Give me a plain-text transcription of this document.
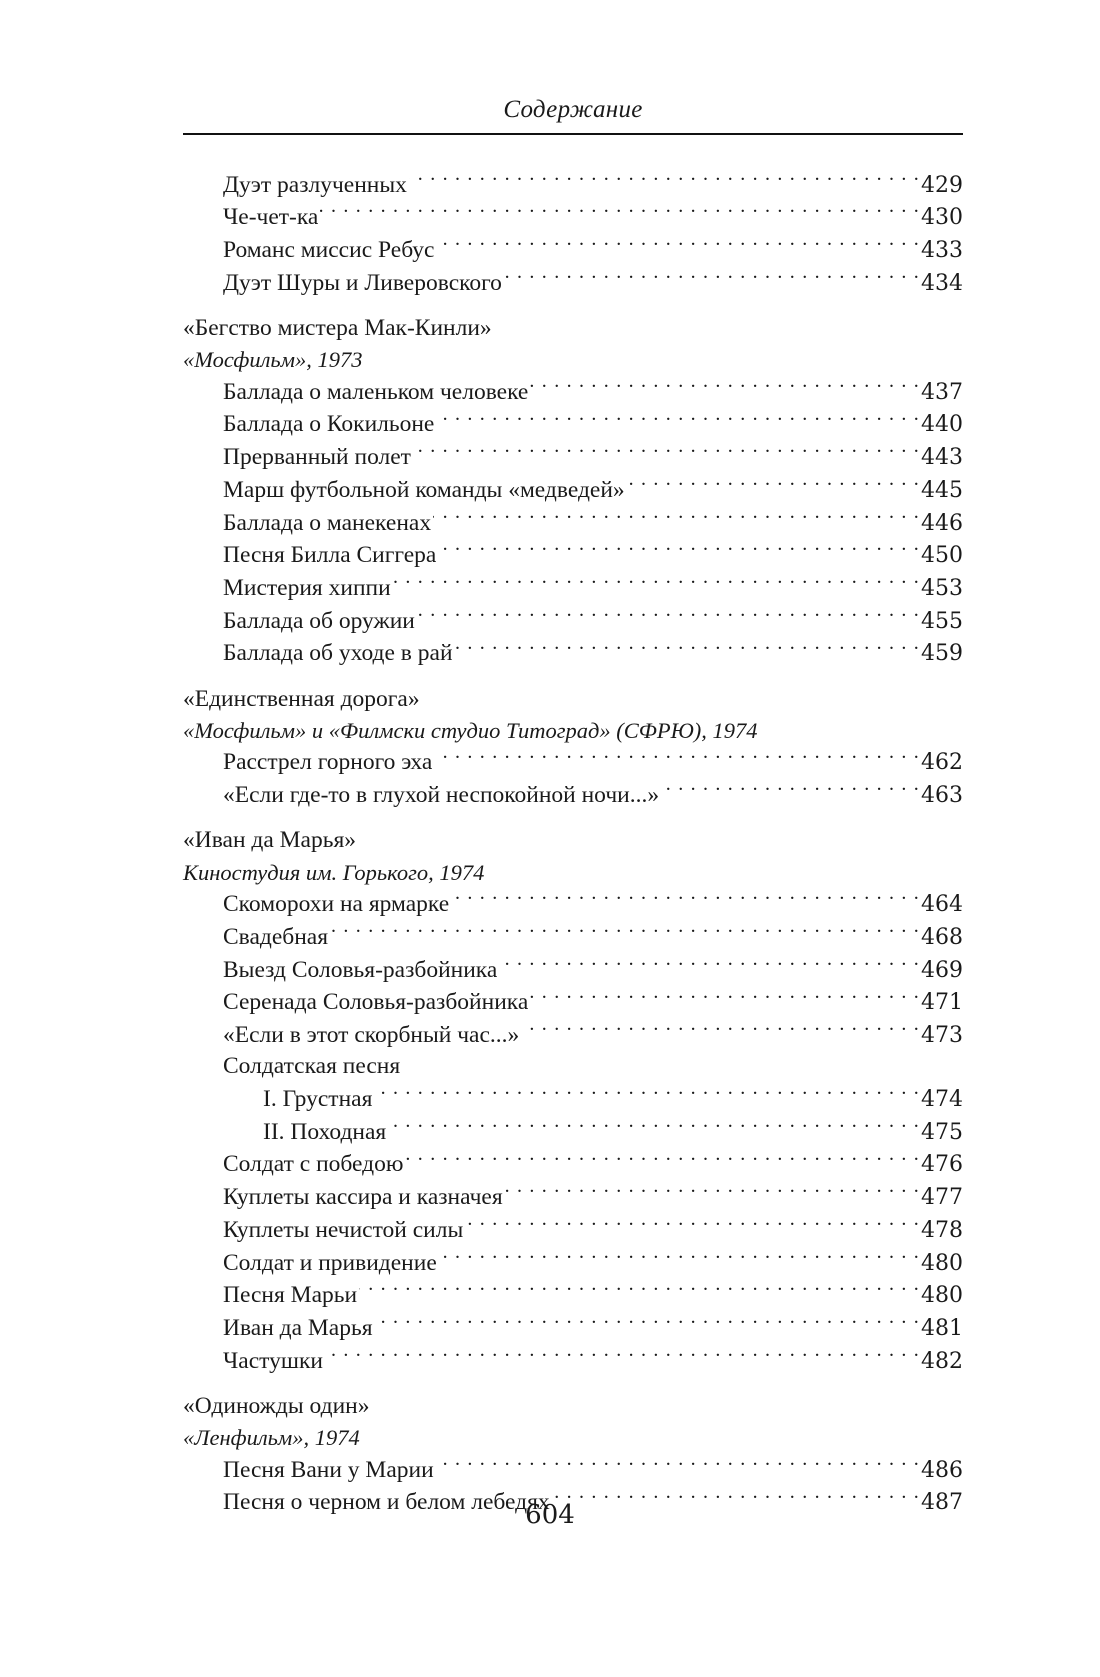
Содержание
Дуэт разлученных . . .	429
Че-чет-ка . . .	430
Романс миссис Ребус . . .	433
Дуэт Шуры и Ливеровского . . .	434
«Бегство мистера Мак-Кинли»
«Мосфильм», 1973
Баллада о маленьком человеке . . .	437
Баллада о Кокильоне . . .	440
Прерванный полет . . .	443
Марш футбольной команды «медведей» . . .	445
Баллада о манекенах . . .	446
Песня Билла Сиггера . . .	450
Мистерия хиппи . . .	453
Баллада об оружии . . .	455
Баллада об уходе в рай . . .	459
«Единственная дорога»
«Мосфильм» и «Филмски студио Титоград» (СФРЮ), 1974
Расстрел горного эха . . .	462
«Если где-то в глухой неспокойной ночи...» . . .	463
«Иван да Марья»
Киностудия им. Горького, 1974
Скоморохи на ярмарке . . .	464
Свадебная . . .	468
Выезд Соловья-разбойника . . .	469
Серенада Соловья-разбойника . . .	471
«Если в этот скорбный час...» . . .	473
Солдатская песня
I. Грустная . . .	474
II. Походная . . .	475
Солдат с победою . . .	476
Куплеты кассира и казначея . . .	477
Куплеты нечистой силы . . .	478
Солдат и привидение . . .	480
Песня Марьи . . .	480
Иван да Марья . . .	481
Частушки . . .	482
«Одиножды один»
«Ленфильм», 1974
Песня Вани у Марии . . .	486
Песня о черном и белом лебедях . . .	487
604
